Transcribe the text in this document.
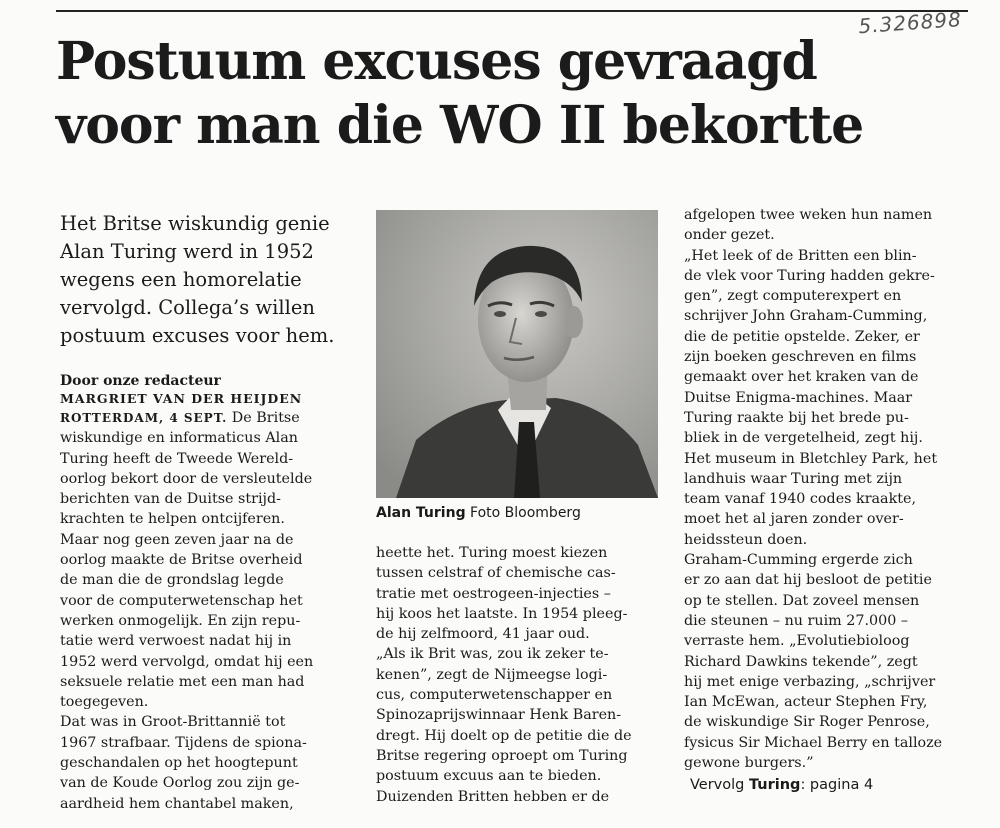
5.326898
Postuum excuses gevraagd
voor man die WO II bekortte

Het Britse wiskundig genie
Alan Turing werd in 1952
wegens een homorelatie
vervolgd. Collega’s willen
postuum excuses voor hem.

Door onze redacteur
MARGRIET VAN DER HEIJDEN
ROTTERDAM, 4 SEPT. De Britse
wiskundige en informaticus Alan
Turing heeft de Tweede Wereld-
oorlog bekort door de versleutelde
berichten van de Duitse strijd-
krachten te helpen ontcijferen.
Maar nog geen zeven jaar na de
oorlog maakte de Britse overheid
de man die de grondslag legde
voor de computerwetenschap het
werken onmogelijk. En zijn repu-
tatie werd verwoest nadat hij in
1952 werd vervolgd, omdat hij een
seksuele relatie met een man had
toegegeven.
Dat was in Groot-Brittannië tot
1967 strafbaar. Tijdens de spiona-
geschandalen op het hoogtepunt
van de Koude Oorlog zou zijn ge-
aardheid hem chantabel maken,
Alan Turing Foto Bloomberg
heette het. Turing moest kiezen
tussen celstraf of chemische cas-
tratie met oestrogeen-injecties –
hij koos het laatste. In 1954 pleeg-
de hij zelfmoord, 41 jaar oud.
„Als ik Brit was, zou ik zeker te-
kenen”, zegt de Nijmeegse logi-
cus, computerwetenschapper en
Spinozaprijswinnaar Henk Baren-
dregt. Hij doelt op de petitie die de
Britse regering oproept om Turing
postuum excuus aan te bieden.
Duizenden Britten hebben er de
afgelopen twee weken hun namen
onder gezet.
„Het leek of de Britten een blin-
de vlek voor Turing hadden gekre-
gen”, zegt computerexpert en
schrijver John Graham-Cumming,
die de petitie opstelde. Zeker, er
zijn boeken geschreven en films
gemaakt over het kraken van de
Duitse Enigma-machines. Maar
Turing raakte bij het brede pu-
bliek in de vergetelheid, zegt hij.
Het museum in Bletchley Park, het
landhuis waar Turing met zijn
team vanaf 1940 codes kraakte,
moet het al jaren zonder over-
heidssteun doen.
Graham-Cumming ergerde zich
er zo aan dat hij besloot de petitie
op te stellen. Dat zoveel mensen
die steunen – nu ruim 27.000 –
verraste hem. „Evolutiebioloog
Richard Dawkins tekende”, zegt
hij met enige verbazing, „schrijver
Ian McEwan, acteur Stephen Fry,
de wiskundige Sir Roger Penrose,
fysicus Sir Michael Berry en talloze
gewone burgers.”
Vervolg Turing: pagina 4
